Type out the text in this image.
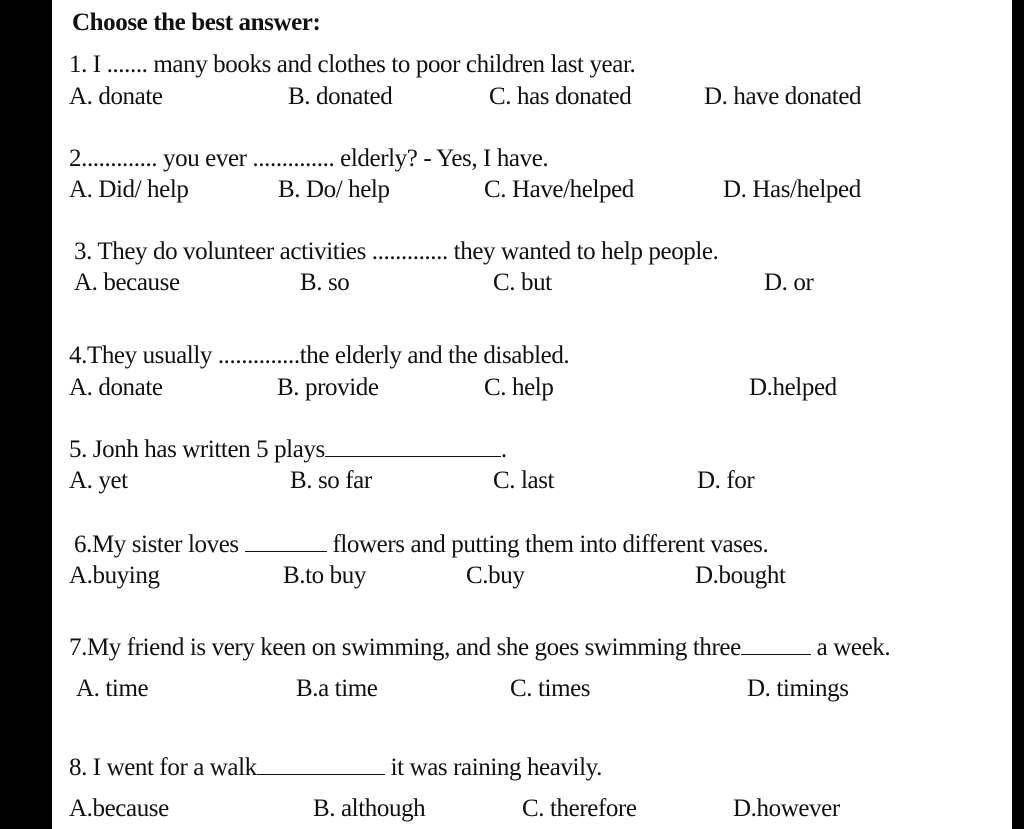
Choose the best answer:
1. I ....... many books and clothes to poor children last year.
A. donate	B. donated	C. has donated	D. have donated
2............. you ever .............. elderly? - Yes, I have.
A. Did/ help	B. Do/ help	C. Have/helped	D. Has/helped
3. They do volunteer activities ............. they wanted to help people.
A. because	B. so	C. but	D. or
4.They usually ..............the elderly and the disabled.
A. donate	B. provide	C. help	D.helped
5. Jonh has written 5 plays	.
A. yet	B. so far	C. last	D. for
6.My sister loves	flowers and putting them into different vases.
A.buying	B.to buy	C.buy	D.bought
7.My friend is very keen on swimming, and she goes swimming three	a week.
A. time	B.a time	C. times	D. timings
8. I went for a walk	it was raining heavily.
A.because	B. although	C. therefore	D.however
